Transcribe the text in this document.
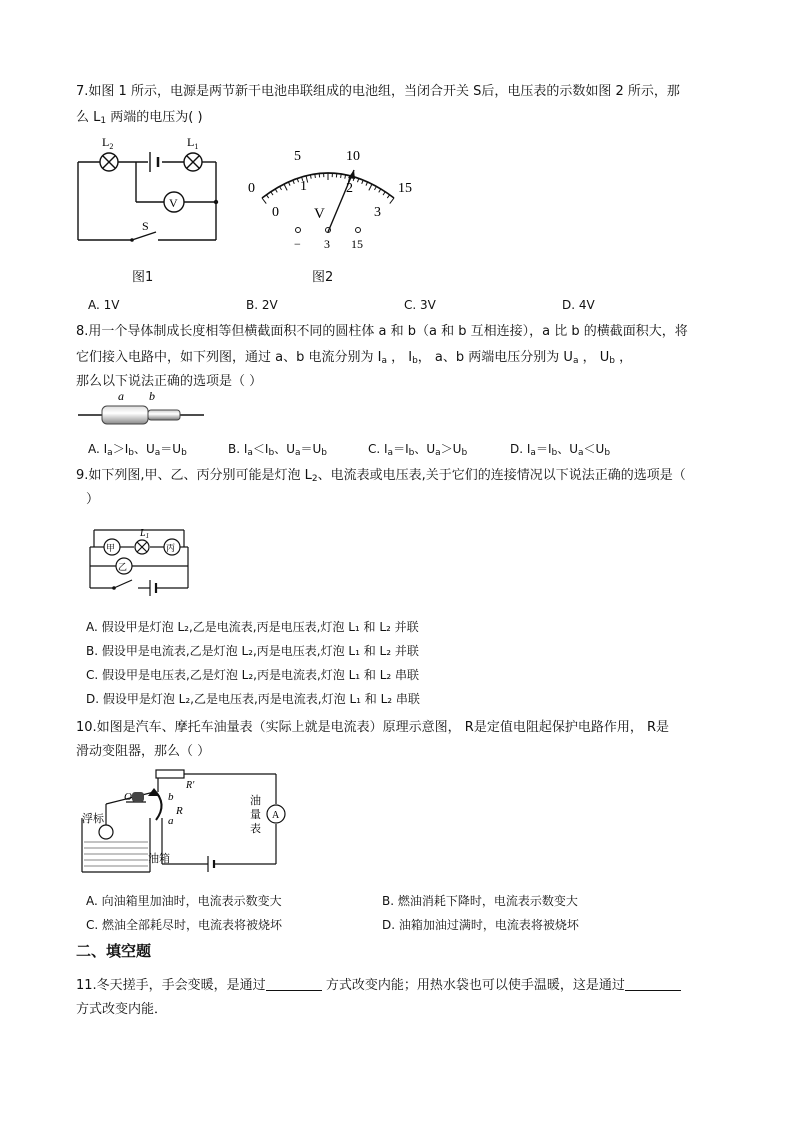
7.如图 1 所示，电源是两节新干电池串联组成的电池组，当闭合开关 S后，电压表的示数如图 2 所示，那
么 $L_1$ 两端的电压为( )
$L_2$	$L_1$
V
S
图1
0
5	10
15
0
1	2
3
V
− 3 15
图2
A. 1V	B. 2V	C. 3V	D. 4V
8.用一个导体制成长度相等但横截面积不同的圆柱体 a 和 b（a 和 b 互相连接），a 比 b 的横截面积大，将
它们接入电路中，如下列图，通过 a、b 电流分别为 $I_a$ ， $I_b$， a、b 两端电压分别为 $U_a$ ， $U_b$ ，
那么以下说法正确的选项是（ ）
a b
A. $I_a>I_b$、$U_a=U_b$	B. $I_a<I_b$、$U_a=U_b$	C. $I_a=I_b$、$U_a>U_b$	D. $I_a=I_b$、$U_a<U_b$
9.如下列图,甲、乙、丙分别可能是灯泡 $L_2$、电流表或电压表,关于它们的连接情况以下说法正确的选项是（
）
甲	丙
乙
$L_1$
A. 假设甲是灯泡 L₂,乙是电流表,丙是电压表,灯泡 L₁ 和 L₂ 并联
B. 假设甲是电流表,乙是灯泡 L₂,丙是电压表,灯泡 L₁ 和 L₂ 并联
C. 假设甲是电压表,乙是灯泡 L₂,丙是电流表,灯泡 L₁ 和 L₂ 串联
D. 假设甲是灯泡 L₂,乙是电压表,丙是电流表,灯泡 L₁ 和 L₂ 串联
10.如图是汽车、摩托车油量表（实际上就是电流表）原理示意图， R是定值电阻起保护电路作用， R是
滑动变阻器，那么（ ）
O	b
a
R
R'
浮标
油箱
油
量
表
A
A. 向油箱里加油时，电流表示数变大	B. 燃油消耗下降时，电流表示数变大
C. 燃油全部耗尽时，电流表将被烧坏	D. 油箱加油过满时，电流表将被烧坏
二、填空题
11.冬天搓手，手会变暖，是通过	方式改变内能；用热水袋也可以使手温暖，这是通过
方式改变内能．
